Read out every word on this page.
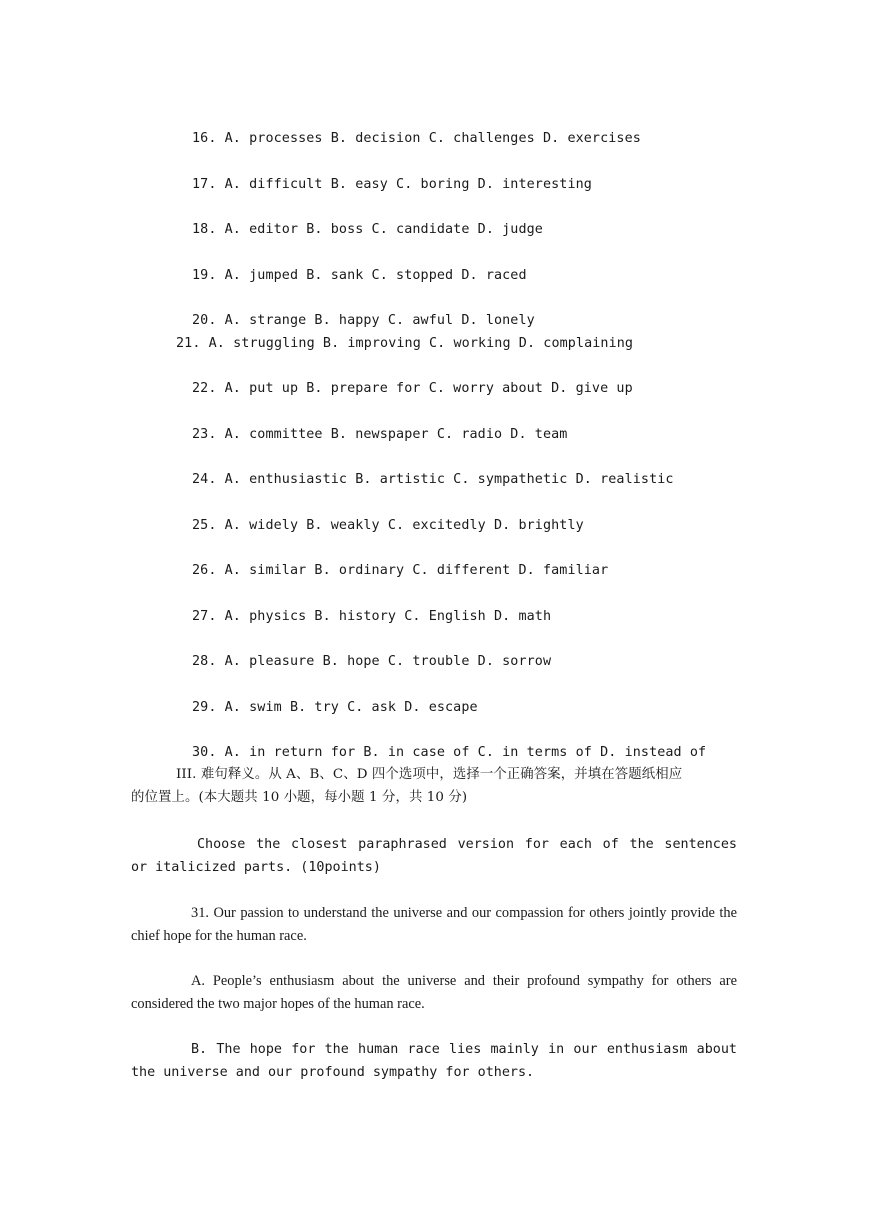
16. A. processes B. decision C. challenges D. exercises
17. A. difficult B. easy C. boring D. interesting
18. A. editor B. boss C. candidate D. judge
19. A. jumped B. sank C. stopped D. raced
20. A. strange B. happy C. awful D. lonely
21. A. struggling B. improving C. working D. complaining
22. A. put up B. prepare for C. worry about D. give up
23. A. committee B. newspaper C. radio D. team
24. A. enthusiastic B. artistic C. sympathetic D. realistic
25. A. widely B. weakly C. excitedly D. brightly
26. A. similar B. ordinary C. different D. familiar
27. A. physics B. history C. English D. math
28. A. pleasure B. hope C. trouble D. sorrow
29. A. swim B. try C. ask D. escape
30. A. in return for B. in case of C. in terms of D. instead of
III. 难句释义。从 A、B、C、D 四个选项中，选择一个正确答案，并填在答题纸相应
的位置上。(本大题共 10 小题，每小题 1 分，共 10 分)
Choose the closest paraphrased version for each of the sentences or italicized parts. (10points)
31. Our passion to understand the universe and our compassion for others jointly provide the chief hope for the human race.
A. People’s enthusiasm about the universe and their profound sympathy for others are considered the two major hopes of the human race.
B. The hope for the human race lies mainly in our enthusiasm about the universe and our profound sympathy for others.
